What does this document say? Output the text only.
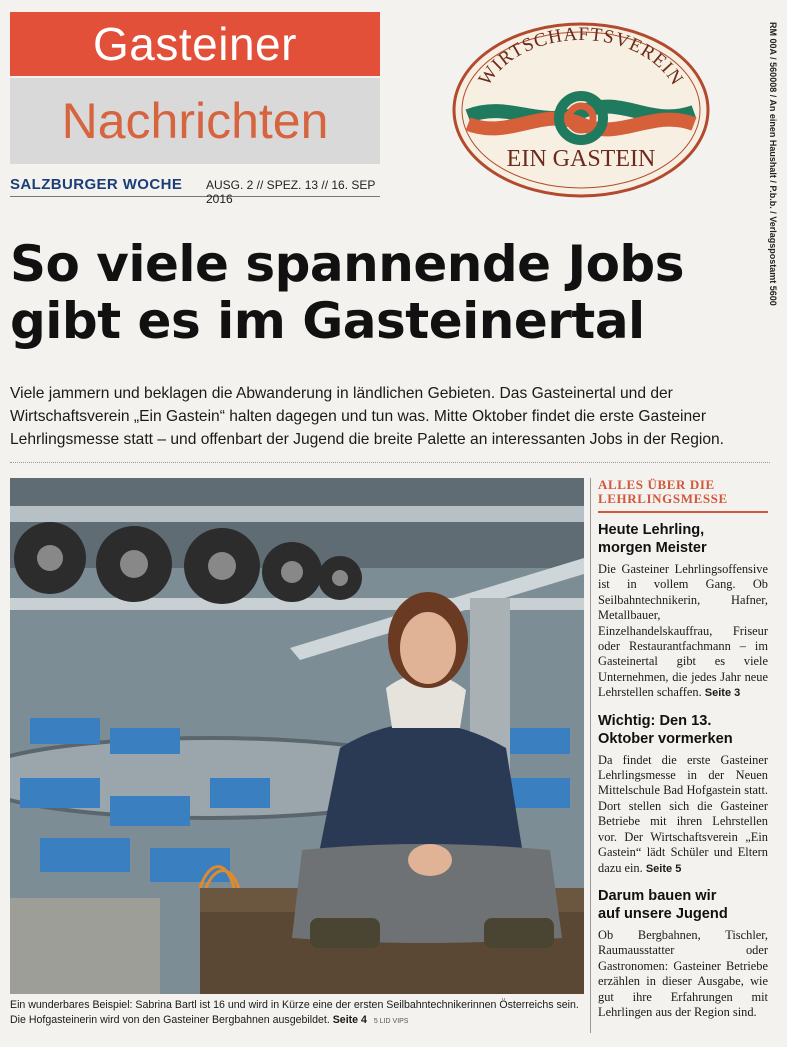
Gasteiner
Nachrichten
SALZBURGER WOCHE AUSG. 2 // SPEZ. 13 // 16. SEP 2016
WIRTSCHAFTSVEREIN
EIN GASTEIN	RM 00A / 560008 / An einen Haushalt / P.b.b. / Verlagspostamt 5600
So viele spannende Jobs
gibt es im Gasteinertal
Viele jammern und beklagen die Abwanderung in ländlichen Gebieten. Das Gasteinertal und der Wirtschaftsverein „Ein Gastein“ halten dagegen und tun was. Mitte Oktober findet die erste Gasteiner Lehrlingsmesse statt – und offenbart der Jugend die breite Palette an interessanten Jobs in der Region.
Ein wunderbares Beispiel: Sabrina Bartl ist 16 und wird in Kürze eine der ersten Seilbahntechnikerinnen Österreichs sein. Die Hofgasteinerin wird von den Gasteiner Bergbahnen ausgebildet. Seite 4 5 LID VIPS
ALLES ÜBER DIE
LEHRLINGSMESSE
Heute Lehrling,
morgen Meister

Die Gasteiner Lehrlingsoffensive ist in vollem Gang. Ob Seilbahntechnikerin, Hafner, Metallbauer, Einzelhandelskauffrau, Friseur oder Restaurantfachmann – im Gasteinertal gibt es viele Unternehmen, die jedes Jahr neue Lehrstellen schaffen. Seite 3

Wichtig: Den 13.
Oktober vormerken

Da findet die erste Gasteiner Lehrlingsmesse in der Neuen Mittelschule Bad Hofgastein statt. Dort stellen sich die Gasteiner Betriebe mit ihren Lehrstellen vor. Der Wirtschaftsverein „Ein Gastein“ lädt Schüler und Eltern dazu ein. Seite 5

Darum bauen wir
auf unsere Jugend

Ob Bergbahnen, Tischler, Raumausstatter oder Gastronomen: Gasteiner Betriebe erzählen in dieser Ausgabe, wie gut ihre Erfahrungen mit Lehrlingen aus der Region sind.
